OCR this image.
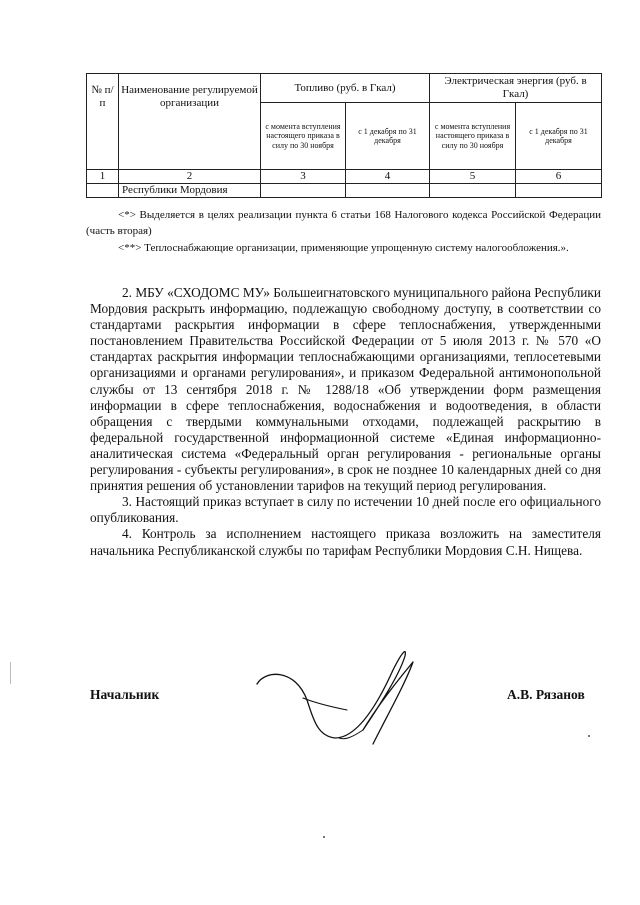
№ п/п	Наименование регулируемой организации	Топливо (руб. в Гкал)		Электрическая энергия (руб. в Гкал)	
		с момента вступления настоящего приказа в силу по 30 ноября	с 1 декабря по 31 декабря	с момента вступления настоящего приказа в силу по 30 ноября	с 1 декабря по 31 декабря
1	2	3	4	5	6
	Республики Мордовия				

<*> Выделяется в целях реализации пункта 6 статьи 168 Налогового кодекса Российской Федерации (часть вторая)

<**> Теплоснабжающие организации, применяющие упрощенную систему налогообложения.».

2. МБУ «СХОДОМС МУ» Большеигнатовского муниципального района Республики Мордовия раскрыть информацию, подлежащую свободному доступу, в соответствии со стандартами раскрытия информации в сфере теплоснабжения, утвержденными постановлением Правительства Российской Федерации от 5 июля 2013 г. № 570 «О стандартах раскрытия информации теплоснабжающими организациями, теплосетевыми организациями и органами регулирования», и приказом Федеральной антимонопольной службы от 13 сентября 2018 г. № 1288/18 «Об утверждении форм размещения информации в сфере теплоснабжения, водоснабжения и водоотведения, в области обращения с твердыми коммунальными отходами, подлежащей раскрытию в федеральной государственной информационной системе «Единая информационно-аналитическая система «Федеральный орган регулирования - региональные органы регулирования - субъекты регулирования», в срок не позднее 10 календарных дней со дня принятия решения об установлении тарифов на текущий период регулирования.

3. Настоящий приказ вступает в силу по истечении 10 дней после его официального опубликования.

4. Контроль за исполнением настоящего приказа возложить на заместителя начальника Республиканской службы по тарифам Республики Мордовия С.Н. Нищева.

Начальник	А.В. Рязанов
